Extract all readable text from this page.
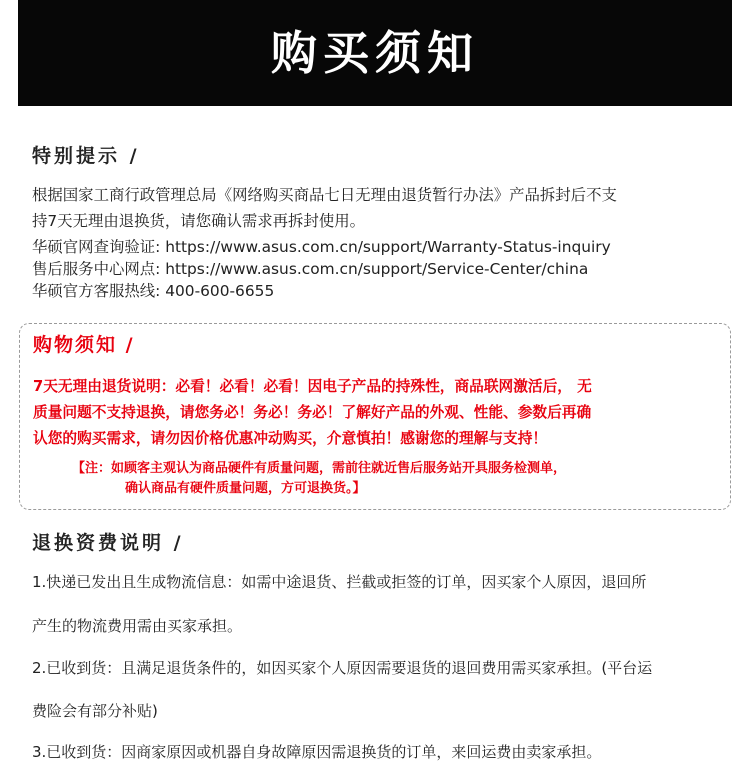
购买须知
特别提示 /
根据国家工商行政管理总局《网络购买商品七日无理由退货暂行办法》产品拆封后不支
持7天无理由退换货，请您确认需求再拆封使用。
华硕官网查询验证: https://www.asus.com.cn/support/Warranty-Status-inquiry
售后服务中心网点: https://www.asus.com.cn/support/Service-Center/china
华硕官方客服热线: 400-600-6655
购物须知 /
7天无理由退货说明：必看！必看！必看！因电子产品的持殊性，商品联网激活后， 无
质量问题不支持退换，请您务必！务必！务必！了解好产品的外观、性能、参数后再确
认您的购买需求，请勿因价格优惠冲动购买，介意慎拍！感谢您的理解与支持！
【注：如顾客主观认为商品硬件有质量问题，需前往就近售后服务站开具服务检测单，
确认商品有硬件质量问题，方可退换货。】
退换资费说明 /
1.快递已发出且生成物流信息：如需中途退货、拦截或拒签的订单，因买家个人原因，退回所
产生的物流费用需由买家承担。
2.已收到货：且满足退货条件的，如因买家个人原因需要退货的退回费用需买家承担。(平台运
费险会有部分补贴)
3.已收到货：因商家原因或机器自身故障原因需退换货的订单，来回运费由卖家承担。
